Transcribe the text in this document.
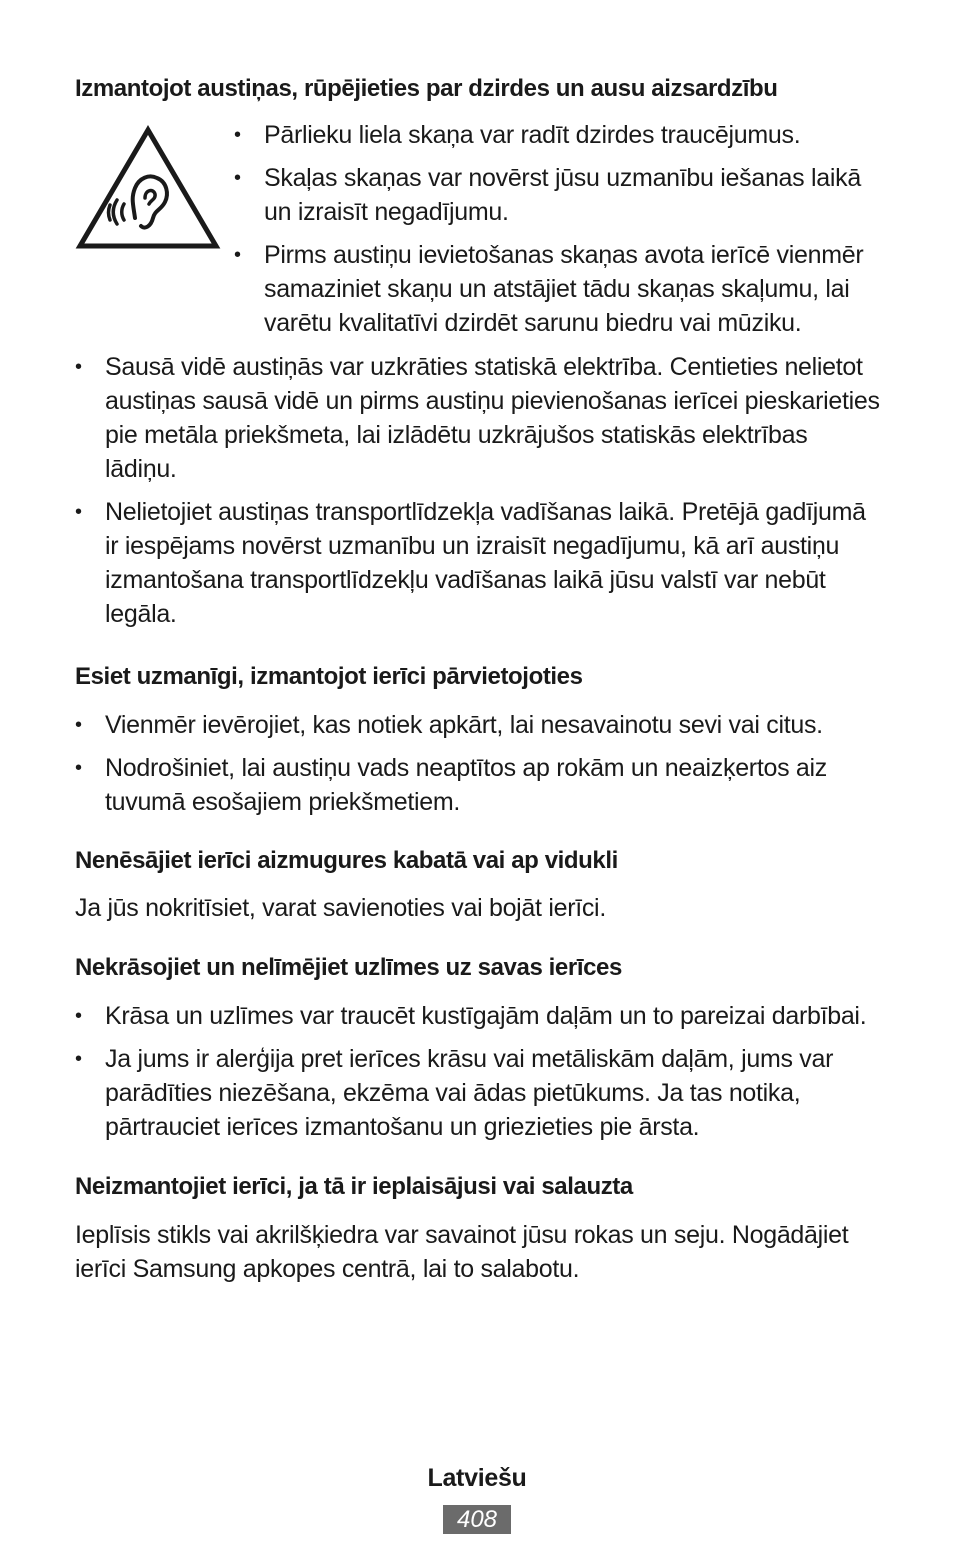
Izmantojot austiņas, rūpējieties par dzirdes un ausu aizsardzību
• Pārlieku liela skaņa var radīt dzirdes traucējumus.
• Skaļas skaņas var novērst jūsu uzmanību iešanas laikā un izraisīt negadījumu.
• Pirms austiņu ievietošanas skaņas avota ierīcē vienmēr samaziniet skaņu un atstājiet tādu skaņas skaļumu, lai varētu kvalitatīvi dzirdēt sarunu biedru vai mūziku.
• Sausā vidē austiņās var uzkrāties statiskā elektrība. Centieties nelietot austiņas sausā vidē un pirms austiņu pievienošanas ierīcei pieskarieties pie metāla priekšmeta, lai izlādētu uzkrājušos statiskās elektrības lādiņu.
• Nelietojiet austiņas transportlīdzekļa vadīšanas laikā. Pretējā gadījumā ir iespējams novērst uzmanību un izraisīt negadījumu, kā arī austiņu izmantošana transportlīdzekļu vadīšanas laikā jūsu valstī var nebūt legāla.
Esiet uzmanīgi, izmantojot ierīci pārvietojoties
• Vienmēr ievērojiet, kas notiek apkārt, lai nesavainotu sevi vai citus.
• Nodrošiniet, lai austiņu vads neaptītos ap rokām un neaizķertos aiz tuvumā esošajiem priekšmetiem.
Nenēsājiet ierīci aizmugures kabatā vai ap vidukli

Ja jūs nokritīsiet, varat savienoties vai bojāt ierīci.

Nekrāsojiet un nelīmējiet uzlīmes uz savas ierīces
• Krāsa un uzlīmes var traucēt kustīgajām daļām un to pareizai darbībai.
• Ja jums ir alerģija pret ierīces krāsu vai metāliskām daļām, jums var parādīties niezēšana, ekzēma vai ādas pietūkums. Ja tas notika, pārtrauciet ierīces izmantošanu un griezieties pie ārsta.
Neizmantojiet ierīci, ja tā ir ieplaisājusi vai salauzta

Ieplīsis stikls vai akrilšķiedra var savainot jūsu rokas un seju. Nogādājiet ierīci Samsung apkopes centrā, lai to salabotu.

Latviešu
408
